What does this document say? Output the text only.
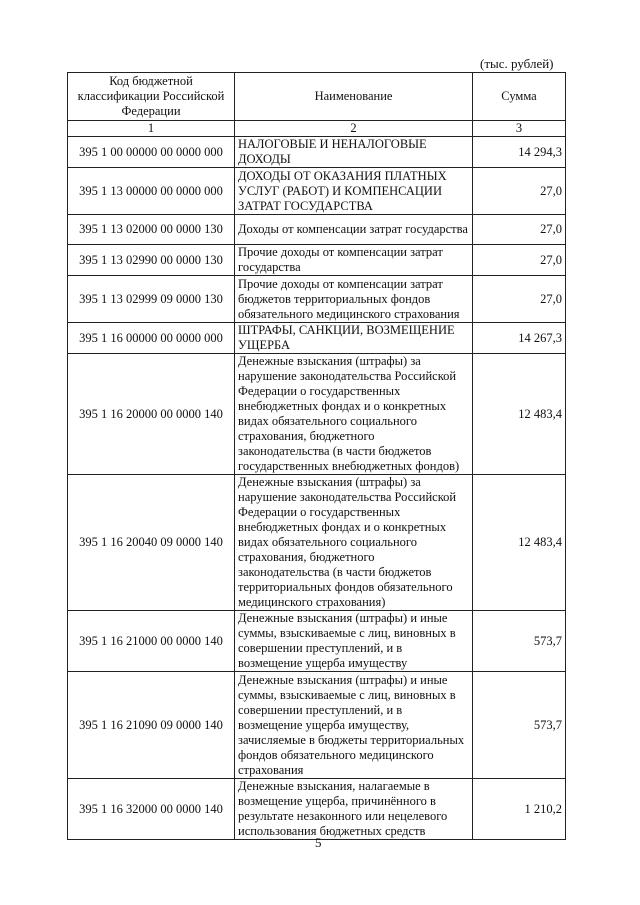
(тыс. рублей)
Код бюджетной классификации Российской Федерации	Наименование	Сумма
1	2	3
395 1 00 00000 00 0000 000	НАЛОГОВЫЕ И НЕНАЛОГОВЫЕ ДОХОДЫ	14 294,3
395 1 13 00000 00 0000 000	ДОХОДЫ ОТ ОКАЗАНИЯ ПЛАТНЫХ УСЛУГ (РАБОТ) И КОМПЕНСАЦИИ ЗАТРАТ ГОСУДАРСТВА	27,0
395 1 13 02000 00 0000 130	Доходы от компенсации затрат государства	27,0
395 1 13 02990 00 0000 130	Прочие доходы от компенсации затрат государства	27,0
395 1 13 02999 09 0000 130	Прочие доходы от компенсации затрат бюджетов территориальных фондов обязательного медицинского страхования	27,0
395 1 16 00000 00 0000 000	ШТРАФЫ, САНКЦИИ, ВОЗМЕЩЕНИЕ УЩЕРБА	14 267,3
395 1 16 20000 00 0000 140	Денежные взыскания (штрафы) за нарушение законодательства Российской Федерации о государственных внебюджетных фондах и о конкретных видах обязательного социального страхования, бюджетного законодательства (в части бюджетов государственных внебюджетных фондов)	12 483,4
395 1 16 20040 09 0000 140	Денежные взыскания (штрафы) за нарушение законодательства Российской Федерации о государственных внебюджетных фондах и о конкретных видах обязательного социального страхования, бюджетного законодательства (в части бюджетов территориальных фондов обязательного медицинского страхования)	12 483,4
395 1 16 21000 00 0000 140	Денежные взыскания (штрафы) и иные суммы, взыскиваемые с лиц, виновных в совершении преступлений, и в возмещение ущерба имуществу	573,7
395 1 16 21090 09 0000 140	Денежные взыскания (штрафы) и иные суммы, взыскиваемые с лиц, виновных в совершении преступлений, и в возмещение ущерба имуществу, зачисляемые в бюджеты территориальных фондов обязательного медицинского страхования	573,7
395 1 16 32000 00 0000 140	Денежные взыскания, налагаемые в возмещение ущерба, причинённого в результате незаконного или нецелевого использования бюджетных средств	1 210,2
5
